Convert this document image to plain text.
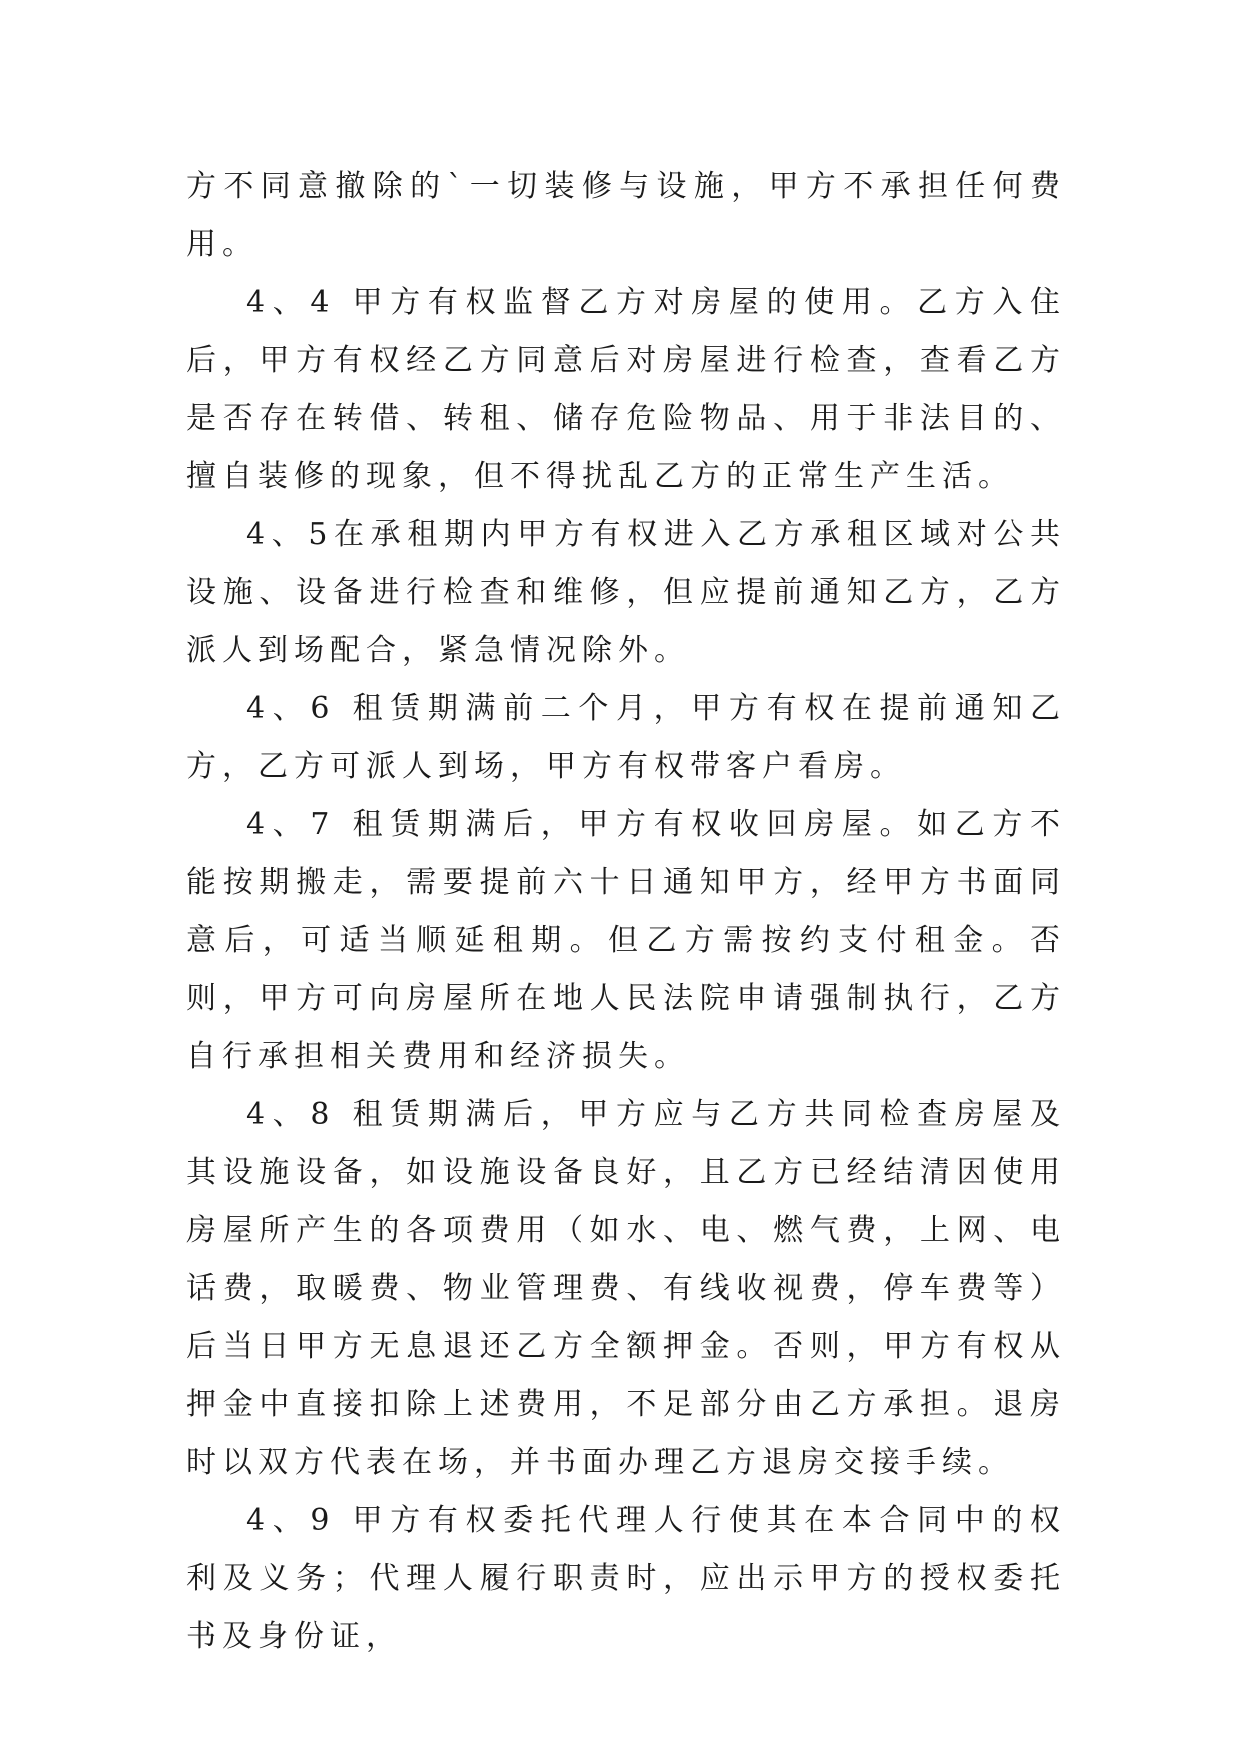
方不同意撤除的`一切装修与设施，甲方不承担任何费用。

4、4 甲方有权监督乙方对房屋的使用。乙方入住后，甲方有权经乙方同意后对房屋进行检查，查看乙方是否存在转借、转租、储存危险物品、用于非法目的、擅自装修的现象，但不得扰乱乙方的正常生产生活。

4、5在承租期内甲方有权进入乙方承租区域对公共设施、设备进行检查和维修，但应提前通知乙方，乙方派人到场配合，紧急情况除外。

4、6 租赁期满前二个月，甲方有权在提前通知乙方，乙方可派人到场，甲方有权带客户看房。

4、7 租赁期满后，甲方有权收回房屋。如乙方不能按期搬走，需要提前六十日通知甲方，经甲方书面同意后，可适当顺延租期。但乙方需按约支付租金。否则，甲方可向房屋所在地人民法院申请强制执行，乙方自行承担相关费用和经济损失。

4、8 租赁期满后，甲方应与乙方共同检查房屋及其设施设备，如设施设备良好，且乙方已经结清因使用房屋所产生的各项费用（如水、电、燃气费，上网、电话费，取暖费、物业管理费、有线收视费，停车费等）后当日甲方无息退还乙方全额押金。否则，甲方有权从押金中直接扣除上述费用，不足部分由乙方承担。退房时以双方代表在场，并书面办理乙方退房交接手续。

4、9 甲方有权委托代理人行使其在本合同中的权利及义务；代理人履行职责时，应出示甲方的授权委托书及身份证，
